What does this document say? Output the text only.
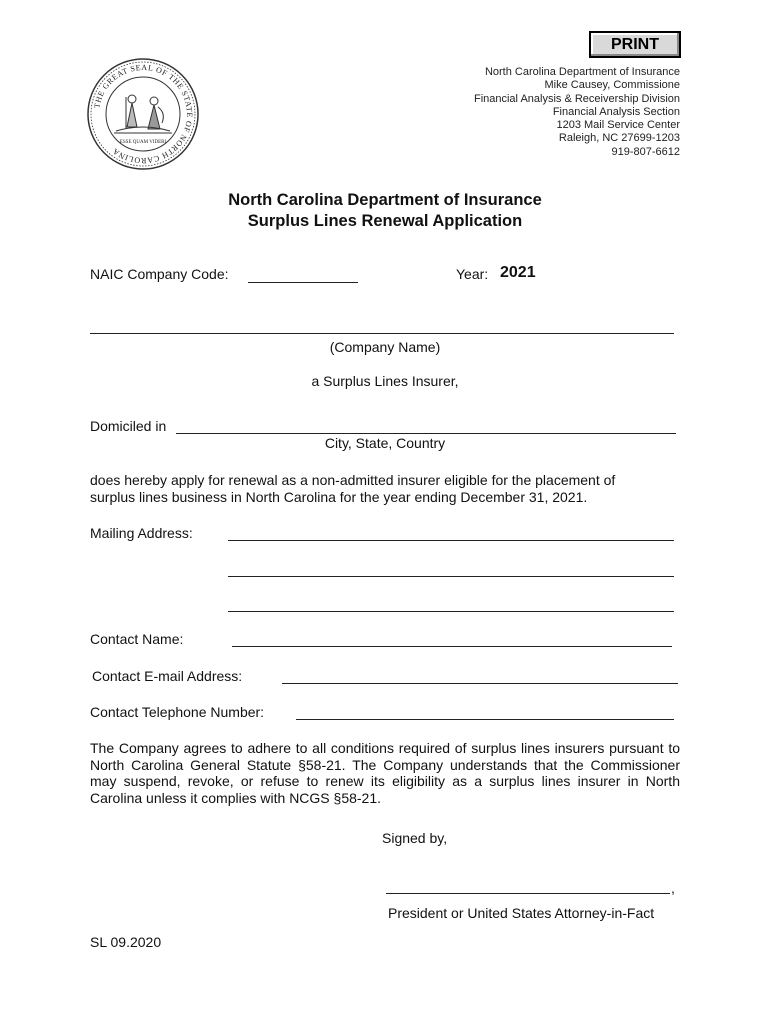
PRINT
THE GREAT SEAL OF THE STATE OF NORTH CAROLINA
ESSE QUAM VIDERI
North Carolina Department of Insurance
Mike Causey, Commissione
Financial Analysis & Receivership Division
Financial Analysis Section
1203 Mail Service Center
Raleigh, NC 27699-1203
919-807-6612
North Carolina Department of Insurance
Surplus Lines Renewal Application
NAIC Company Code:	Year: 2021
(Company Name)
a Surplus Lines Insurer,
Domiciled in
City, State, Country
does hereby apply for renewal as a non-admitted insurer eligible for the placement of
surplus lines business in North Carolina for the year ending December 31, 2021.
Mailing Address:
Contact Name:
Contact E-mail Address:
Contact Telephone Number:
The Company agrees to adhere to all conditions required of surplus lines insurers pursuant to North Carolina General Statute §58-21. The Company understands that the Commissioner may suspend, revoke, or refuse to renew its eligibility as a surplus lines insurer in North Carolina unless it complies with NCGS §58-21.
Signed by,
,
President or United States Attorney-in-Fact
SL 09.2020
